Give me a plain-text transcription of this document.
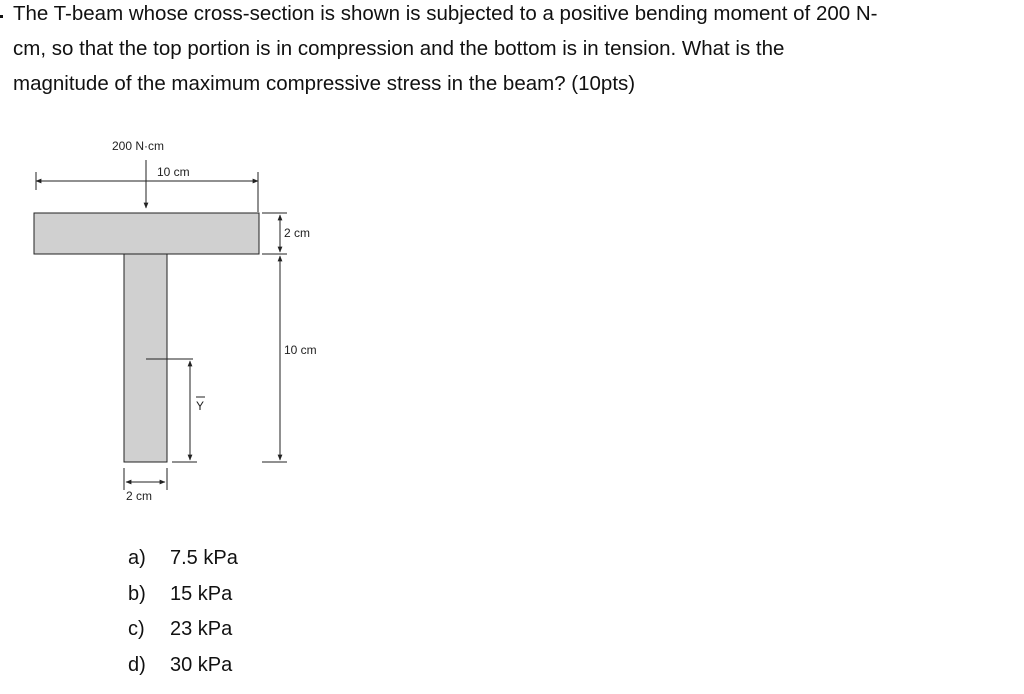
The T-beam whose cross-section is shown is subjected to a positive bending moment of 200 N-
cm, so that the top portion is in compression and the bottom is in tension. What is the
magnitude of the maximum compressive stress in the beam? (10pts)
200 N·cm
10 cm
2 cm
10 cm
Y
2 cm
a)	7.5 kPa
b)	15 kPa
c)	23 kPa
d)	30 kPa
